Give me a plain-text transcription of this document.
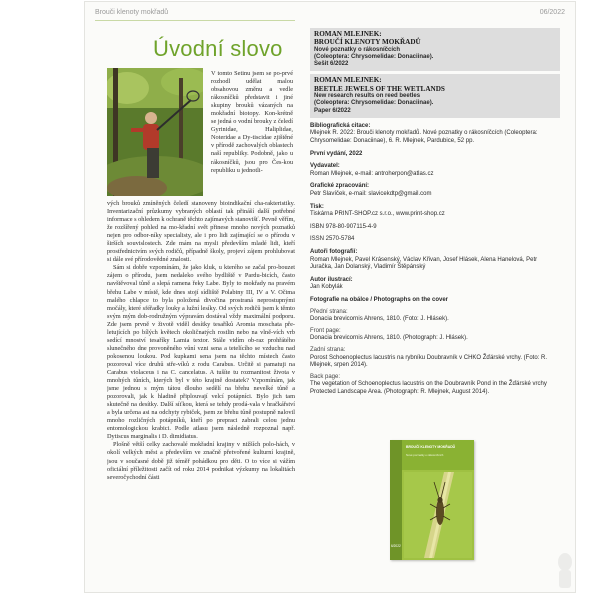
Brouči klenoty mokřadů	06/2022
Úvodní slovo
V tomto Setinu jsem se po-prvé rozhodl udělat malou obsahovou změnu a vedle rákosníčků představit i jiné skupiny brouků vázaných na mokřadní biotopy. Kon-krétně se jedná o vodní brouky z čeledí Gyrinidae, Haliplidae, Noteridae a Dy-tiscidae zjištěné v přírodě zachovalých oblastech naší republiky. Podobně, jako u rákosníčků, jsou pro Čes-kou republiku u jednotli-

vých brouků zmíněných čeledí stanoveny bioindikační cha-rakteristiky. Inventarizační průzkumy vybraných oblastí tak přináší další potřebné informace s ohledem k ochraně těchto zajímavých stanovišť. Pevně věřím, že rozšířený pohled na mo-křadní svět přinese mnoho nových poznatků nejen pro odbor-níky specialisty, ale i pro lidi zajímající se o přírodu v širších souvislostech. Zde mám na mysli především mladé lidi, kteří prostřednictvím svých rodičů, případně školy, projeví zájem prohlubovat si dále své přírodovědné znalosti.

Sám si dobře vzpomínám, že jako kluk, u kterého se začal pro-bouzet zájem o přírodu, jsem nedaleko svého bydliště v Pardu-bicích, často navštěvoval tůně a slepá ramena řeky Labe. Byly to mokřady na pravém břehu Labe v místě, kde dnes stojí sídliště Polabiny III, IV a V. Očima malého chlapce to byla položená divočina prostraná neprostupnými močály, které sféřadky louky a lužní lesíky. Od svých rodičů jsem k těmto svým mým dob-rodružným výpravám dostával vždy maximální podporu. Zde jsem prvně v životě viděl desítky tesaříků Aromia moschata pře-letujících po bílých květech okoličnatých rostlin nebo na vlně-vích vrb sedící mnoství tesaříky Lamia textor. Stále vidím ob-raz prohřátého slunečného dne provoněného vůní vzni sena a tetelícího se vzduchu nad pokosenou loukou. Pod kupkami sena jsem na těchto místech často pozoroval více druhů stře-víků z rodu Carabus. Určitě si pamatuji na Carabus violaceus i na C. cancelatus. A tušíte tu rozmanitost života v mnohých tůních, kterých byl v této krajině dostatek? Vzpomínám, jak jsme jednou s mým tátou dlouho sedělí na břehu nevelké tůně a pozorovali, jak k hladině připlouvají velcí potápníci. Bylo jich tam skutečně na desítky. Další síťkou, která se tehdy prodá-vala v hračkářství a byla určena asi na odchyty rybiček, jsem ze břehu tůně postupně nalovil mnoho rozličných potápníků, kteří po prepraci zabrali celou jednu entomologickou krabici. Podle atlasu jsem následně rozpoznal např. Dytiscus marginalis i D. dimidiatus.

Plošně větší celky zachovalé mokřadní krajiny v nižších polo-hách, v okolí velkých měst a především ve značně přetvořené kulturní krajině, jsou v současné době již téměř pohádkou pro děti. O to více si vážím oficiální příležitosti začít od roku 2014 podnikat výzkumy na lokalitách severočychodní části

ROMAN MLEJNEK:
BROUČÍ KLENOTY MOKŘADŮ
Nové poznatky o rákosníčcích
(Coleoptera: Chrysomelidae: Donaciinae).
Sešit 6/2022
ROMAN MLEJNEK:
BEETLE JEWELS OF THE WETLANDS
New research results on reed beetles
(Coleoptera: Chrysomelidae: Donaciinae).
Paper 6/2022
Bibliografická citace:
Mlejnek R. 2022: Brouči klenoty mokřadů. Nové poznatky o rákosníčcích (Coleoptera: Chrysomelidae: Donaciinae), 6. R. Mlejnek, Pardubice, 52 pp.
První vydání, 2022
Vydavatel:
Roman Mlejnek, e-mail: antroherpon@atlas.cz
Grafické zpracování:
Petr Slavíček, e-mail: slavicekdtp@gmail.com
Tisk:
Tiskárna PRINT-SHOP.cz s.r.o., www.print-shop.cz
ISBN 978-80-907115-4-9
ISSN 2570-5784
Autoři fotografií:
Roman Mlejnek, Pavel Krásenský, Václav Křivan, Josef Hlásek, Alena Hanelová, Petr Juračka, Jan Dolanský, Vladimír Štěpánský
Autor ilustrací:
Jan Kobylák
Fotografie na obálce / Photographs on the cover
Přední strana:
Donacia brevicornis Ahrens, 1810. (Foto: J. Hlásek).
Front page:
Donacia brevicornis Ahrens, 1810. (Photograph: J. Hlásek).
Zadní strana:
Porost Schoenoplectus lacustris na rybníku Doubravník v CHKO Žďárské vrchy. (Foto: R. Mlejnek, srpen 2014).
Back page:
The vegetation of Schoenoplectus lacustris on the Doubravník Pond in the Žďárské vrchy Protected Landscape Area. (Photograph: R. Mlejnek, August 2014).
BROUČÍ KLENOTY MOKŘADŮ
Nové poznatky o rákosníčcích
6/2022
